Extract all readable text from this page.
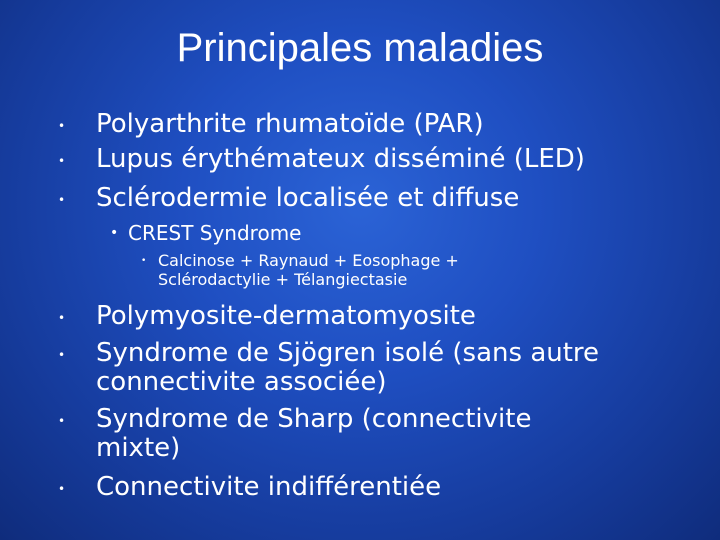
Principales maladies
• Polyarthrite rhumatoïde (PAR)
• Lupus érythémateux disséminé (LED)
• Sclérodermie localisée et diffuse
• CREST Syndrome
• Calcinose + Raynaud + Eosophage +
Sclérodactylie + Télangiectasie
• Polymyosite-dermatomyosite
• Syndrome de Sjögren isolé (sans autre
connectivite associée)
• Syndrome de Sharp (connectivite
mixte)
• Connectivite indifférentiée
